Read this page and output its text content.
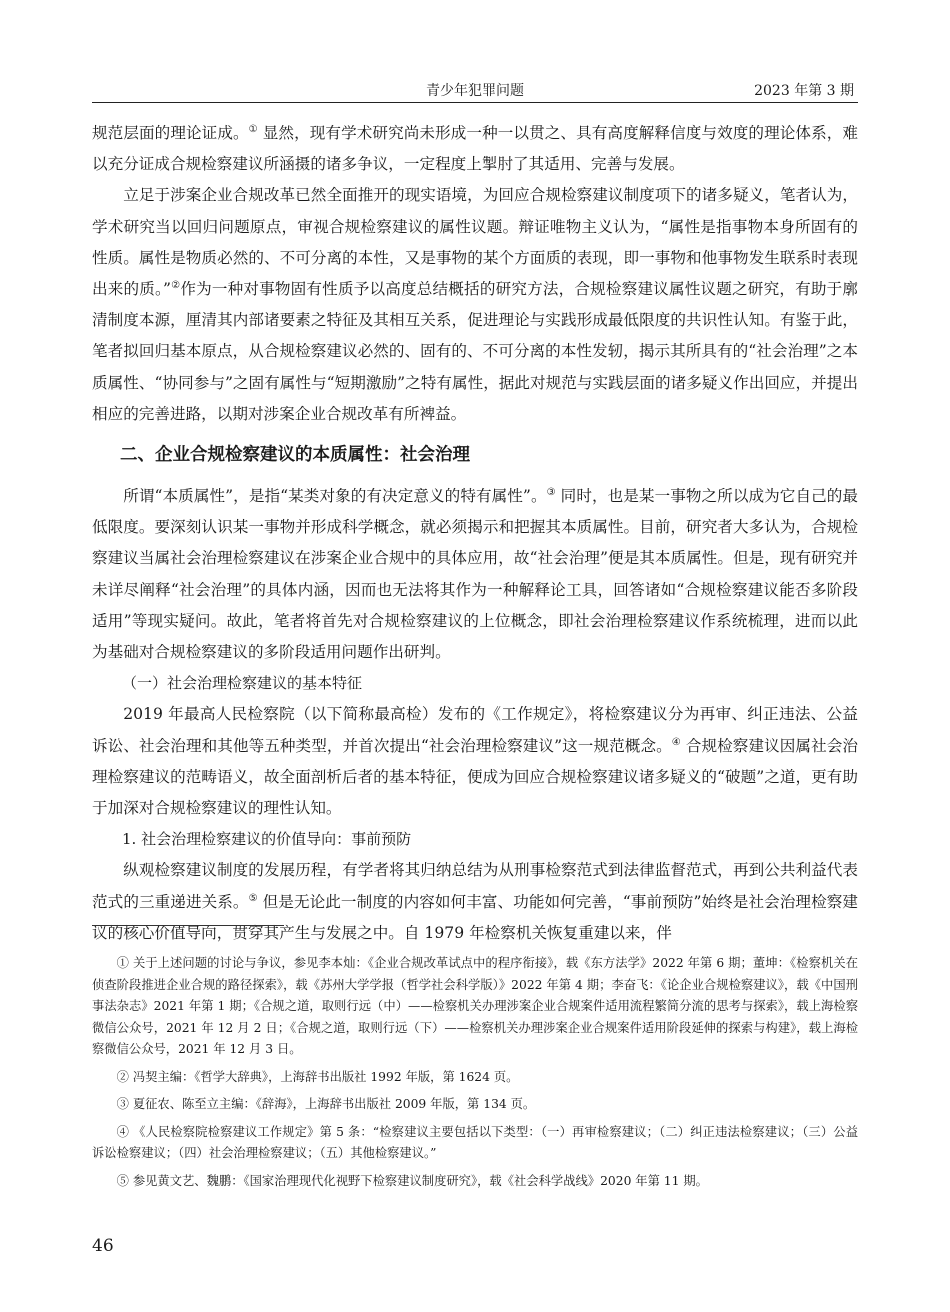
青少年犯罪问题	2023 年第 3 期

规范层面的理论证成。① 显然，现有学术研究尚未形成一种一以贯之、具有高度解释信度与效度的理论体系，难以充分证成合规检察建议所涵摄的诸多争议，一定程度上掣肘了其适用、完善与发展。

立足于涉案企业合规改革已然全面推开的现实语境，为回应合规检察建议制度项下的诸多疑义，笔者认为，学术研究当以回归问题原点，审视合规检察建议的属性议题。辩证唯物主义认为，“属性是指事物本身所固有的性质。属性是物质必然的、不可分离的本性，又是事物的某个方面质的表现，即一事物和他事物发生联系时表现出来的质。”②作为一种对事物固有性质予以高度总结概括的研究方法，合规检察建议属性议题之研究，有助于廓清制度本源，厘清其内部诸要素之特征及其相互关系，促进理论与实践形成最低限度的共识性认知。有鉴于此，笔者拟回归基本原点，从合规检察建议必然的、固有的、不可分离的本性发轫，揭示其所具有的“社会治理”之本质属性、“协同参与”之固有属性与“短期激励”之特有属性，据此对规范与实践层面的诸多疑义作出回应，并提出相应的完善进路，以期对涉案企业合规改革有所裨益。

二、企业合规检察建议的本质属性：社会治理

所谓“本质属性”，是指“某类对象的有决定意义的特有属性”。③ 同时，也是某一事物之所以成为它自己的最低限度。要深刻认识某一事物并形成科学概念，就必须揭示和把握其本质属性。目前，研究者大多认为，合规检察建议当属社会治理检察建议在涉案企业合规中的具体应用，故“社会治理”便是其本质属性。但是，现有研究并未详尽阐释“社会治理”的具体内涵，因而也无法将其作为一种解释论工具，回答诸如“合规检察建议能否多阶段适用”等现实疑问。故此，笔者将首先对合规检察建议的上位概念，即社会治理检察建议作系统梳理，进而以此为基础对合规检察建议的多阶段适用问题作出研判。

（一）社会治理检察建议的基本特征

2019 年最高人民检察院（以下简称最高检）发布的《工作规定》，将检察建议分为再审、纠正违法、公益诉讼、社会治理和其他等五种类型，并首次提出“社会治理检察建议”这一规范概念。④ 合规检察建议因属社会治理检察建议的范畴语义，故全面剖析后者的基本特征，便成为回应合规检察建议诸多疑义的“破题”之道，更有助于加深对合规检察建议的理性认知。

1. 社会治理检察建议的价值导向：事前预防

纵观检察建议制度的发展历程，有学者将其归纳总结为从刑事检察范式到法律监督范式，再到公共利益代表范式的三重递进关系。⑤ 但是无论此一制度的内容如何丰富、功能如何完善，“事前预防”始终是社会治理检察建议的核心价值导向，贯穿其产生与发展之中。自 1979 年检察机关恢复重建以来，伴

① 关于上述问题的讨论与争议，参见李本灿：《企业合规改革试点中的程序衔接》，载《东方法学》2022 年第 6 期；董坤：《检察机关在侦查阶段推进企业合规的路径探索》，载《苏州大学学报（哲学社会科学版）》2022 年第 4 期；李奋飞：《论企业合规检察建议》，载《中国刑事法杂志》2021 年第 1 期；《合规之道，取则行远（中）——检察机关办理涉案企业合规案件适用流程繁简分流的思考与探索》，载上海检察微信公众号，2021 年 12 月 2 日；《合规之道，取则行远（下）——检察机关办理涉案企业合规案件适用阶段延伸的探索与构建》，载上海检察微信公众号，2021 年 12 月 3 日。

② 冯契主编：《哲学大辞典》，上海辞书出版社 1992 年版，第 1624 页。

③ 夏征农、陈至立主编：《辞海》，上海辞书出版社 2009 年版，第 134 页。

④ 《人民检察院检察建议工作规定》第 5 条：“检察建议主要包括以下类型：（一）再审检察建议；（二）纠正违法检察建议；（三）公益诉讼检察建议；（四）社会治理检察建议；（五）其他检察建议。”

⑤ 参见黄文艺、魏鹏：《国家治理现代化视野下检察建议制度研究》，载《社会科学战线》2020 年第 11 期。

46
